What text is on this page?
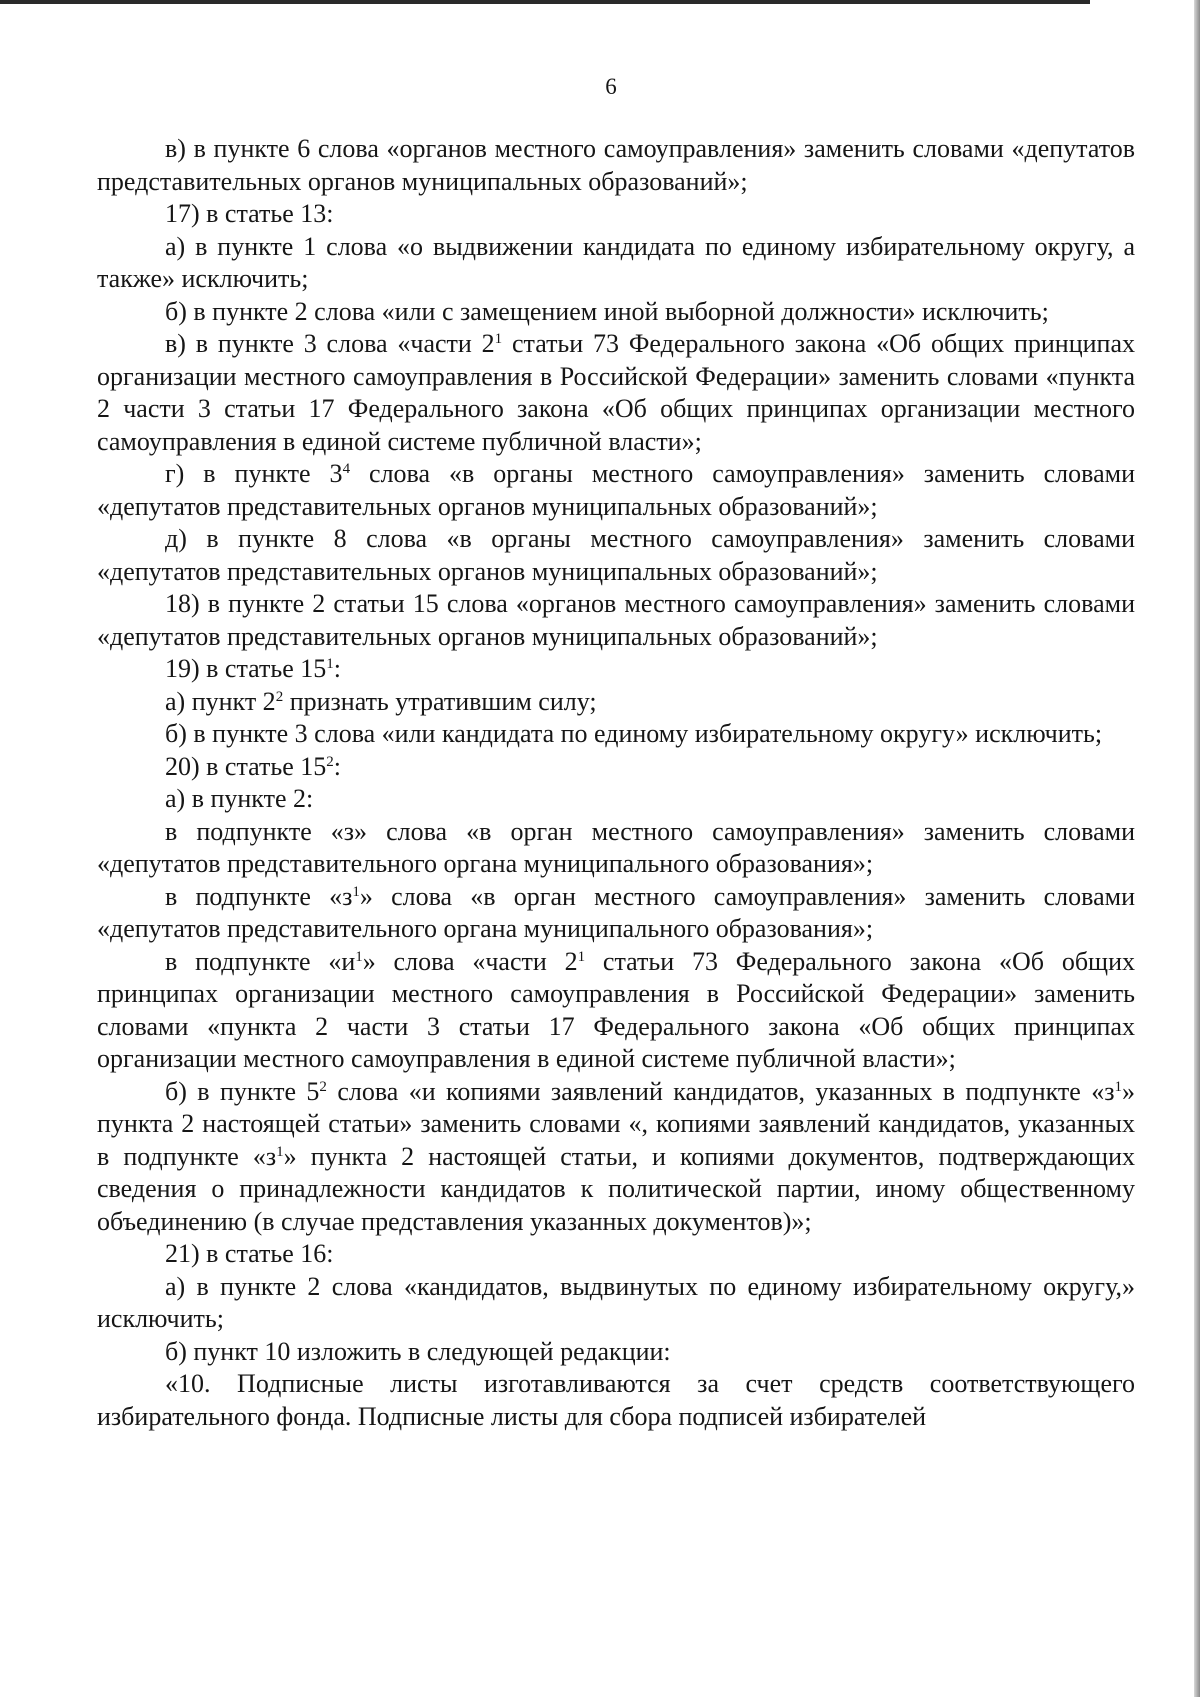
6

в) в пункте 6 слова «органов местного самоуправления» заменить словами «депутатов представительных органов муниципальных образований»;

17) в статье 13:

а) в пункте 1 слова «о выдвижении кандидата по единому избирательному округу, а также» исключить;

б) в пункте 2 слова «или с замещением иной выборной должности» исключить;

в) в пункте 3 слова «части $2^1$ статьи 73 Федерального закона «Об общих принципах организации местного самоуправления в Российской Федерации» заменить словами «пункта 2 части 3 статьи 17 Федерального закона «Об общих принципах организации местного самоуправления в единой системе публичной власти»;

г) в пункте $3^4$ слова «в органы местного самоуправления» заменить словами «депутатов представительных органов муниципальных образований»;

д) в пункте 8 слова «в органы местного самоуправления» заменить словами «депутатов представительных органов муниципальных образований»;

18) в пункте 2 статьи 15 слова «органов местного самоуправления» заменить словами «депутатов представительных органов муниципальных образований»;

19) в статье $15^1$:

а) пункт $2^2$ признать утратившим силу;

б) в пункте 3 слова «или кандидата по единому избирательному округу» исключить;

20) в статье $15^2$:

а) в пункте 2:

в подпункте «з» слова «в орган местного самоуправления» заменить словами «депутатов представительного органа муниципального образования»;

в подпункте «$з^1$» слова «в орган местного самоуправления» заменить словами «депутатов представительного органа муниципального образования»;

в подпункте «$и^1$» слова «части $2^1$ статьи 73 Федерального закона «Об общих принципах организации местного самоуправления в Российской Федерации» заменить словами «пункта 2 части 3 статьи 17 Федерального закона «Об общих принципах организации местного самоуправления в единой системе публичной власти»;

б) в пункте $5^2$ слова «и копиями заявлений кандидатов, указанных в подпункте «$з^1$» пункта 2 настоящей статьи» заменить словами «, копиями заявлений кандидатов, указанных в подпункте «$з^1$» пункта 2 настоящей статьи, и копиями документов, подтверждающих сведения о принадлежности кандидатов к политической партии, иному общественному объединению (в случае представления указанных документов)»;

21) в статье 16:

а) в пункте 2 слова «кандидатов, выдвинутых по единому избирательному округу,» исключить;

б) пункт 10 изложить в следующей редакции:

«10. Подписные листы изготавливаются за счет средств соответствующего избирательного фонда. Подписные листы для сбора подписей избирателей
